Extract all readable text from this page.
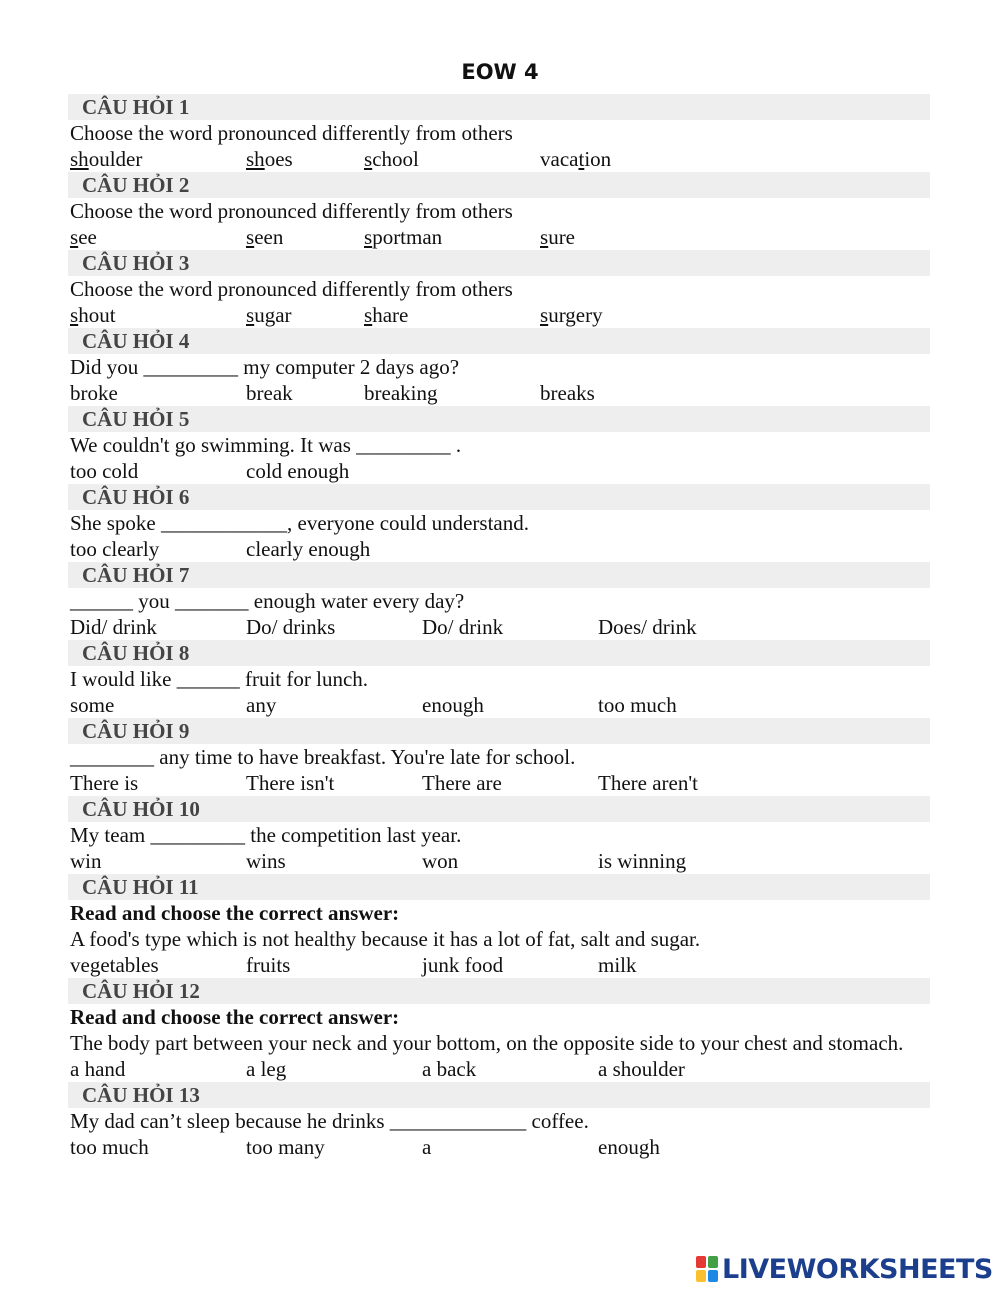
EOW 4
CÂU HỎI 1
Choose the word pronounced differently from others
shoulder	shoes	school	vacation
CÂU HỎI 2
Choose the word pronounced differently from others
see	seen	sportman	sure
CÂU HỎI 3
Choose the word pronounced differently from others
shout	sugar	share	surgery
CÂU HỎI 4
Did you _________ my computer 2 days ago?
broke	break	breaking	breaks
CÂU HỎI 5
We couldn't go swimming. It was _________ .
too cold	cold enough
CÂU HỎI 6
She spoke ____________, everyone could understand.
too clearly	clearly enough
CÂU HỎI 7
______ you _______ enough water every day?
Did/ drink	Do/ drinks	Do/ drink	Does/ drink
CÂU HỎI 8
I would like ______ fruit for lunch.
some	any	enough	too much
CÂU HỎI 9
________ any time to have breakfast. You're late for school.
There is	There isn't	There are	There aren't
CÂU HỎI 10
My team _________ the competition last year.
win	wins	won	is winning
CÂU HỎI 11
Read and choose the correct answer:
A food's type which is not healthy because it has a lot of fat, salt and sugar.
vegetables	fruits	junk food	milk
CÂU HỎI 12
Read and choose the correct answer:
The body part between your neck and your bottom, on the opposite side to your chest and stomach.
a hand	a leg	a back	a shoulder
CÂU HỎI 13
My dad can’t sleep because he drinks _____________ coffee.
too much	too many	a	enough
LIVEWORKSHEETS
